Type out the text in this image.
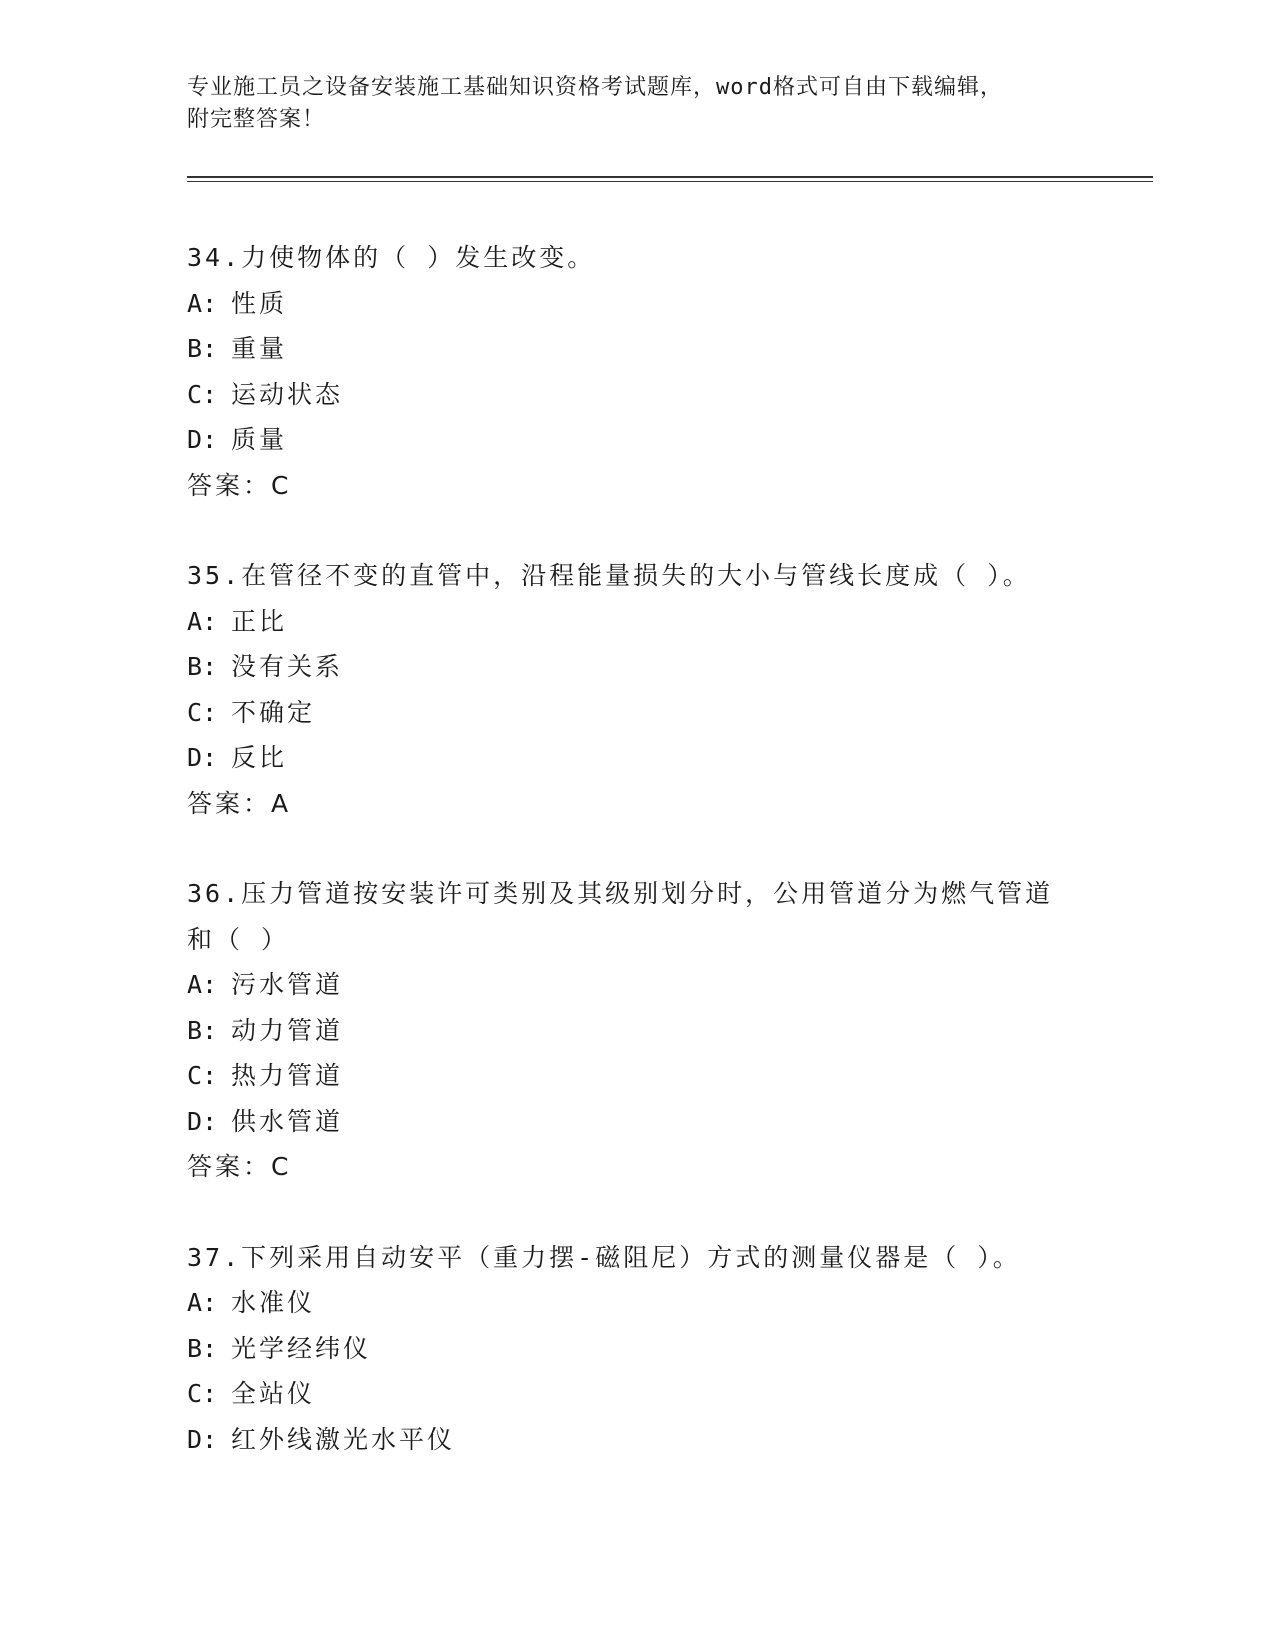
专业施工员之设备安装施工基础知识资格考试题库，word格式可自由下载编辑，
附完整答案！
34.力使物体的（ ）发生改变。
A: 性质
B: 重量
C: 运动状态
D: 质量
答案：C
35.在管径不变的直管中，沿程能量损失的大小与管线长度成（ ）。
A: 正比
B: 没有关系
C: 不确定
D: 反比
答案：A
36.压力管道按安装许可类别及其级别划分时，公用管道分为燃气管道
和（ ）
A: 污水管道
B: 动力管道
C: 热力管道
D: 供水管道
答案：C
37.下列采用自动安平（重力摆-磁阻尼）方式的测量仪器是（ ）。
A: 水准仪
B: 光学经纬仪
C: 全站仪
D: 红外线激光水平仪
